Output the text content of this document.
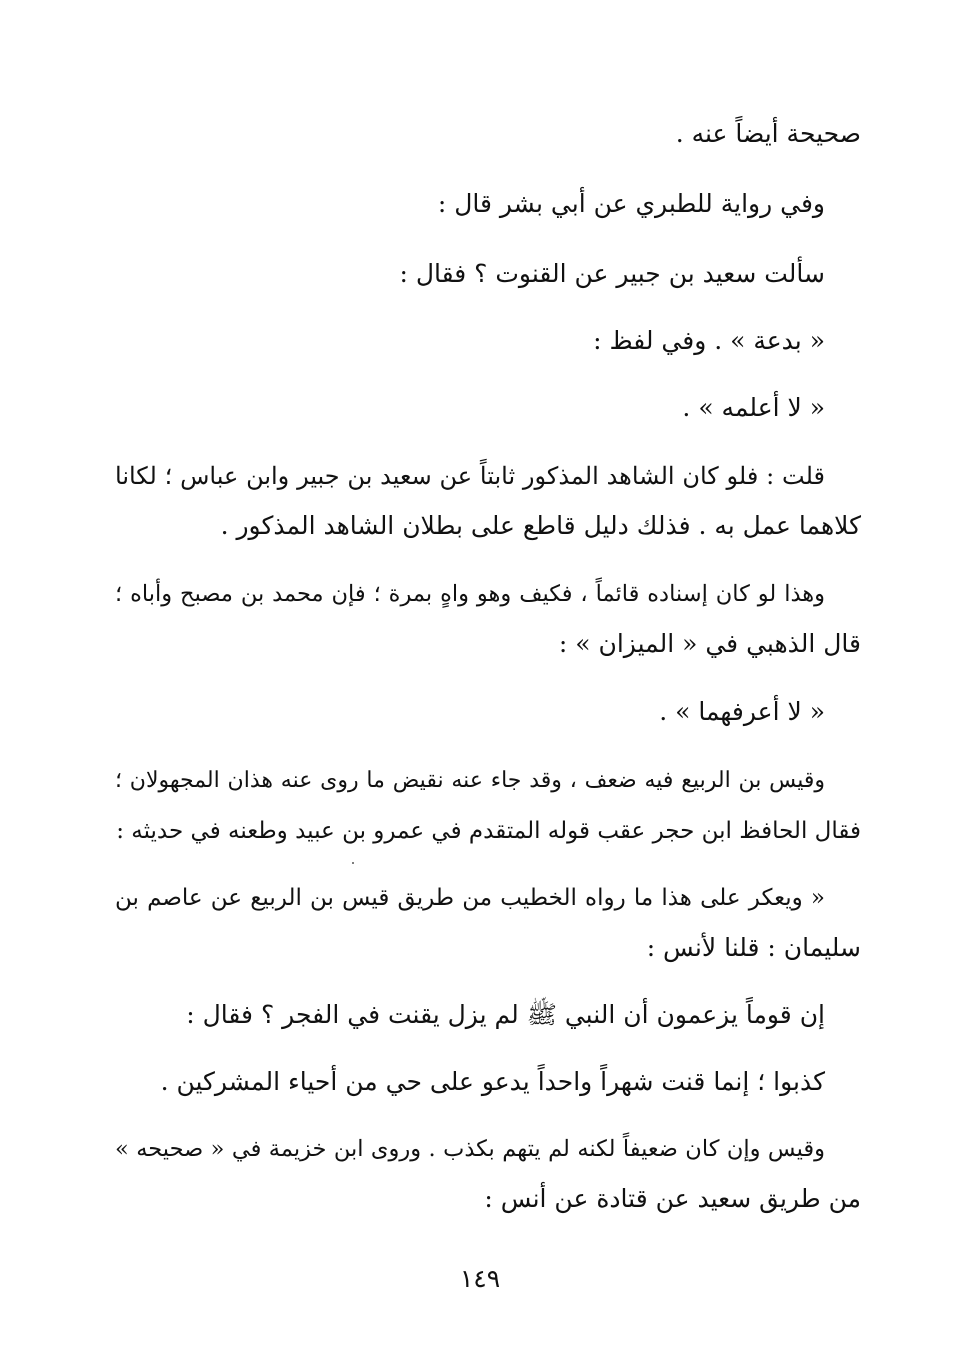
صحيحة أيضاً عنه .
وفي رواية للطبري عن أبي بشر قال :
سألت سعيد بن جبير عن القنوت ؟ فقال :
« بدعة » . وفي لفظ :
« لا أعلمه » .
قلت : فلو كان الشاهد المذكور ثابتاً عن سعيد بن جبير وابن عباس ؛ لكانا
كلاهما عمل به . فذلك دليل قاطع على بطلان الشاهد المذكور .
وهذا لو كان إسناده قائماً ، فكيف وهو واهٍ بمرة ؛ فإن محمد بن مصبح وأباه ؛
قال الذهبي في « الميزان » :
« لا أعرفهما » .
وقيس بن الربيع فيه ضعف ، وقد جاء عنه نقيض ما روى عنه هذان المجهولان ؛
فقال الحافظ ابن حجر عقب قوله المتقدم في عمرو بن عبيد وطعنه في حديثه :
« ويعكر على هذا ما رواه الخطيب من طريق قيس بن الربيع عن عاصم بن
سليمان : قلنا لأنس :
إن قوماً يزعمون أن النبي ﷺ لم يزل يقنت في الفجر ؟ فقال :
كذبوا ؛ إنما قنت شهراً واحداً يدعو على حي من أحياء المشركين .
وقيس وإن كان ضعيفاً لكنه لم يتهم بكذب . وروى ابن خزيمة في « صحيحه »
من طريق سعيد عن قتادة عن أنس :
١٤٩
